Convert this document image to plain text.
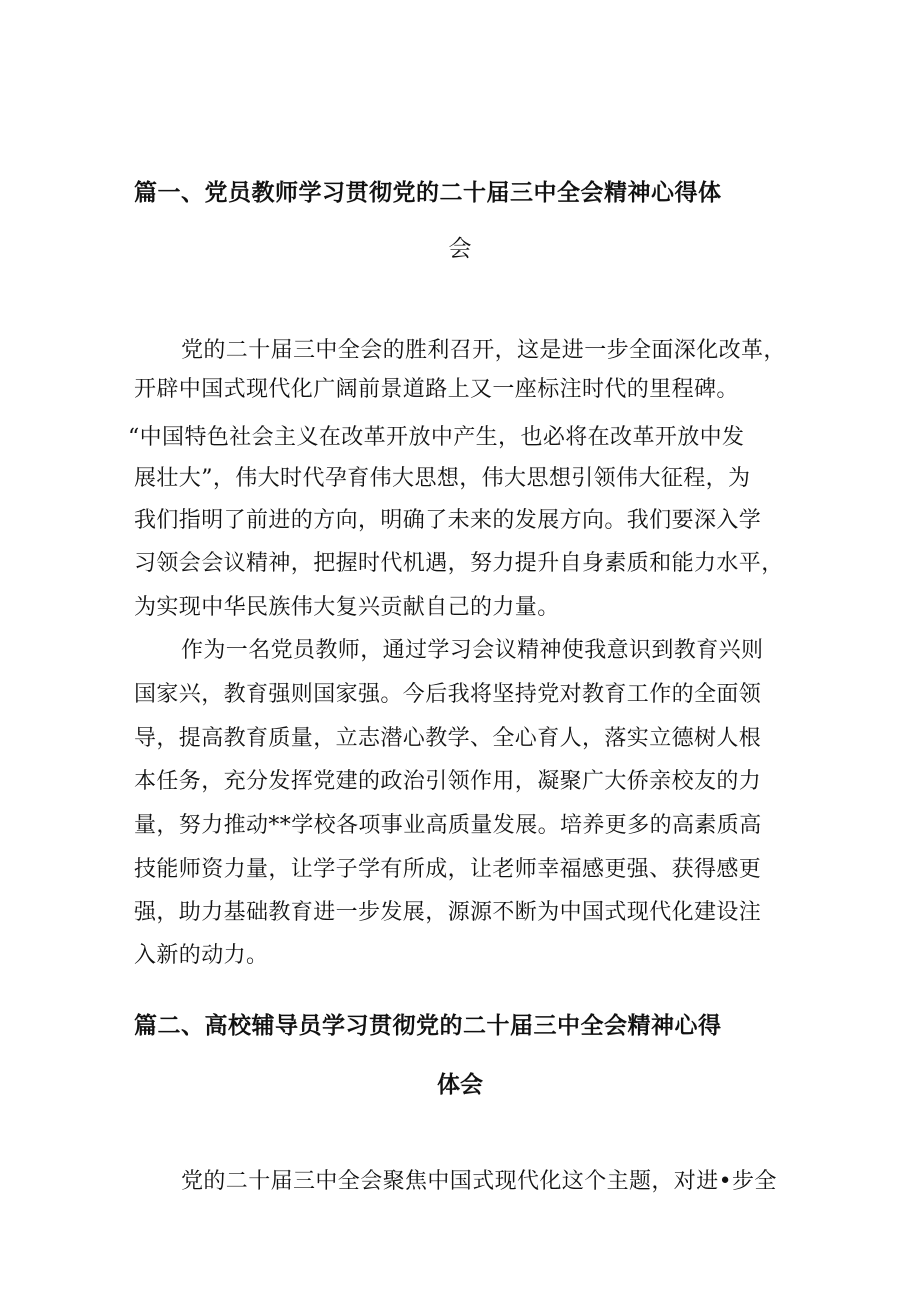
篇一、党员教师学习贯彻党的二十届三中全会精神心得体
会
党的二十届三中全会的胜利召开，这是进一步全面深化改革，
开辟中国式现代化广阔前景道路上又一座标注时代的里程碑。
“中国特色社会主义在改革开放中产生，也必将在改革开放中发
展壮大”，伟大时代孕育伟大思想，伟大思想引领伟大征程，为
我们指明了前进的方向，明确了未来的发展方向。我们要深入学
习领会会议精神，把握时代机遇，努力提升自身素质和能力水平，
为实现中华民族伟大复兴贡献自己的力量。
作为一名党员教师，通过学习会议精神使我意识到教育兴则
国家兴，教育强则国家强。今后我将坚持党对教育工作的全面领
导，提高教育质量，立志潜心教学、全心育人，落实立德树人根
本任务，充分发挥党建的政治引领作用，凝聚广大侨亲校友的力
量，努力推动**学校各项事业高质量发展。培养更多的高素质高
技能师资力量，让学子学有所成，让老师幸福感更强、获得感更
强，助力基础教育进一步发展，源源不断为中国式现代化建设注
入新的动力。
篇二、高校辅导员学习贯彻党的二十届三中全会精神心得
体会
党的二十届三中全会聚焦中国式现代化这个主题，对进•步全
